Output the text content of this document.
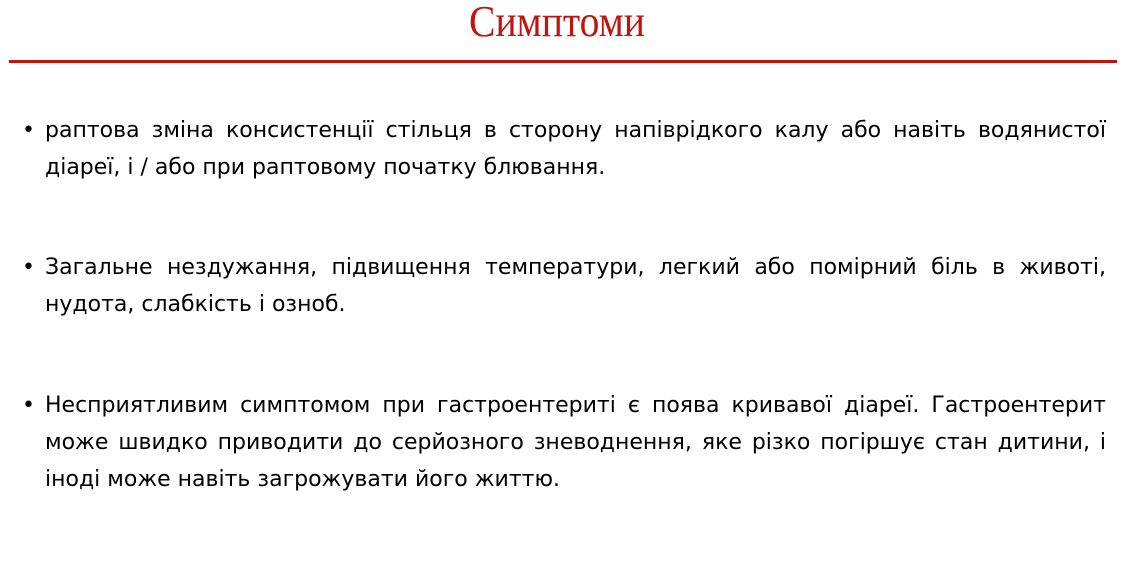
Симптоми
• раптова зміна консистенції стільця в сторону напіврідкого калу або навіть водянистої діареї, і / або при раптовому початку блювання.
• Загальне нездужання, підвищення температури, легкий або помірний біль в животі, нудота, слабкість і озноб.
• Несприятливим симптомом при гастроентериті є поява кривавої діареї. Гастроентерит може швидко приводити до серйозного зневоднення, яке різко погіршує стан дитини, і іноді може навіть загрожувати його життю.
